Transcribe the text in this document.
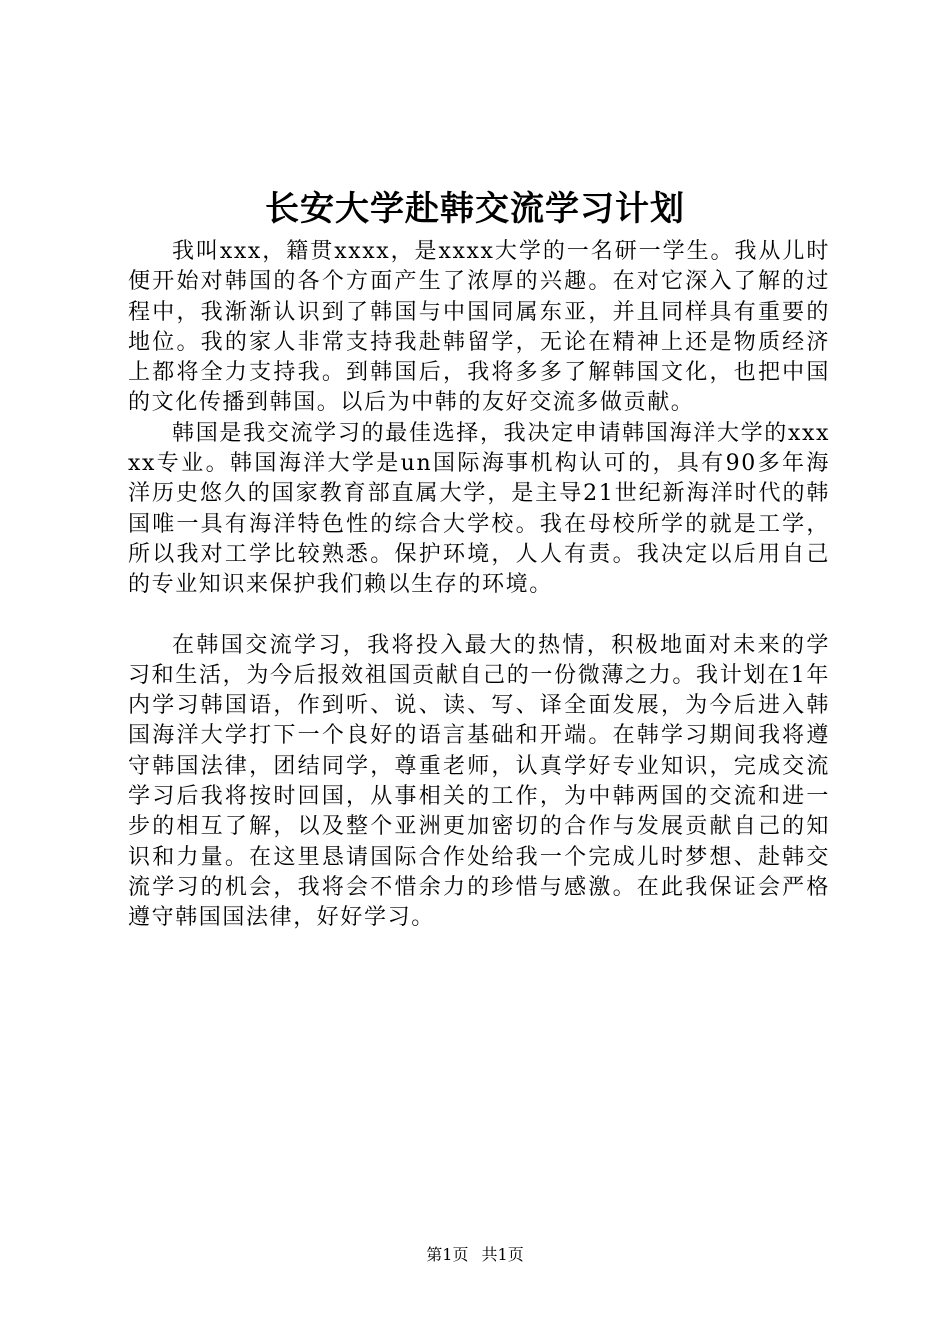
长安大学赴韩交流学习计划

我叫xxx，籍贯xxxx，是xxxx大学的一名研一学生。我从儿时便开始对韩国的各个方面产生了浓厚的兴趣。在对它深入了解的过程中，我渐渐认识到了韩国与中国同属东亚，并且同样具有重要的地位。我的家人非常支持我赴韩留学，无论在精神上还是物质经济上都将全力支持我。到韩国后，我将多多了解韩国文化，也把中国的文化传播到韩国。以后为中韩的友好交流多做贡献。

韩国是我交流学习的最佳选择，我决定申请韩国海洋大学的xxxxx专业。韩国海洋大学是un国际海事机构认可的，具有90多年海洋历史悠久的国家教育部直属大学，是主导21世纪新海洋时代的韩国唯一具有海洋特色性的综合大学校。我在母校所学的就是工学，所以我对工学比较熟悉。保护环境，人人有责。我决定以后用自己的专业知识来保护我们赖以生存的环境。

在韩国交流学习，我将投入最大的热情，积极地面对未来的学习和生活，为今后报效祖国贡献自己的一份微薄之力。我计划在1年内学习韩国语，作到听、说、读、写、译全面发展，为今后进入韩国海洋大学打下一个良好的语言基础和开端。在韩学习期间我将遵守韩国法律，团结同学，尊重老师，认真学好专业知识，完成交流学习后我将按时回国，从事相关的工作，为中韩两国的交流和进一步的相互了解，以及整个亚洲更加密切的合作与发展贡献自己的知识和力量。在这里恳请国际合作处给我一个完成儿时梦想、赴韩交流学习的机会，我将会不惜余力的珍惜与感激。在此我保证会严格遵守韩国国法律，好好学习。

第1页 共1页
